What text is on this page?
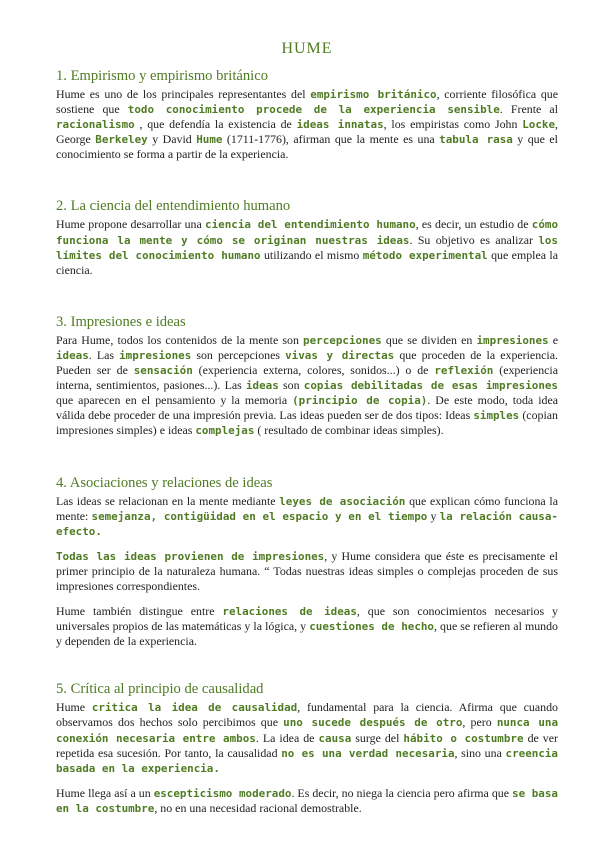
HUME
1. Empirismo y empirismo británico

Hume es uno de los principales representantes del empirismo británico, corriente filosófica que sostiene que todo conocimiento procede de la experiencia sensible. Frente al racionalismo , que defendía la existencia de ideas innatas, los empiristas como John Locke, George Berkeley y David Hume (1711-1776), afirman que la mente es una tabula rasa y que el conocimiento se forma a partir de la experiencia.

2. La ciencia del entendimiento humano

Hume propone desarrollar una ciencia del entendimiento humano, es decir, un estudio de cómo funciona la mente y cómo se originan nuestras ideas. Su objetivo es analizar los límites del conocimiento humano utilizando el mismo método experimental que emplea la ciencia.

3. Impresiones e ideas

Para Hume, todos los contenidos de la mente son percepciones que se dividen en impresiones e ideas. Las impresiones son percepciones vivas y directas que proceden de la experiencia. Pueden ser de sensación (experiencia externa, colores, sonidos...) o de reflexión (experiencia interna, sentimientos, pasiones...). Las ideas son copias debilitadas de esas impresiones que aparecen en el pensamiento y la memoria (principio de copia). De este modo, toda idea válida debe proceder de una impresión previa. Las ideas pueden ser de dos tipos: Ideas simples (copian impresiones simples) e ideas complejas ( resultado de combinar ideas simples).

4. Asociaciones y relaciones de ideas

Las ideas se relacionan en la mente mediante leyes de asociación que explican cómo funciona la mente: semejanza, contigüidad en el espacio y en el tiempo y la relación causa-efecto.

Todas las ideas provienen de impresiones, y Hume considera que éste es precisamente el primer principio de la naturaleza humana. “ Todas nuestras ideas simples o complejas proceden de sus impresiones correspondientes.

Hume también distingue entre relaciones de ideas, que son conocimientos necesarios y universales propios de las matemáticas y la lógica, y cuestiones de hecho, que se refieren al mundo y dependen de la experiencia.

5. Crítica al principio de causalidad

Hume critica la idea de causalidad, fundamental para la ciencia. Afirma que cuando observamos dos hechos solo percibimos que uno sucede después de otro, pero nunca una conexión necesaria entre ambos. La idea de causa surge del hábito o costumbre de ver repetida esa sucesión. Por tanto, la causalidad no es una verdad necesaria, sino una creencia basada en la experiencia.

Hume llega así a un escepticismo moderado. Es decir, no niega la ciencia pero afirma que se basa en la costumbre, no en una necesidad racional demostrable.
